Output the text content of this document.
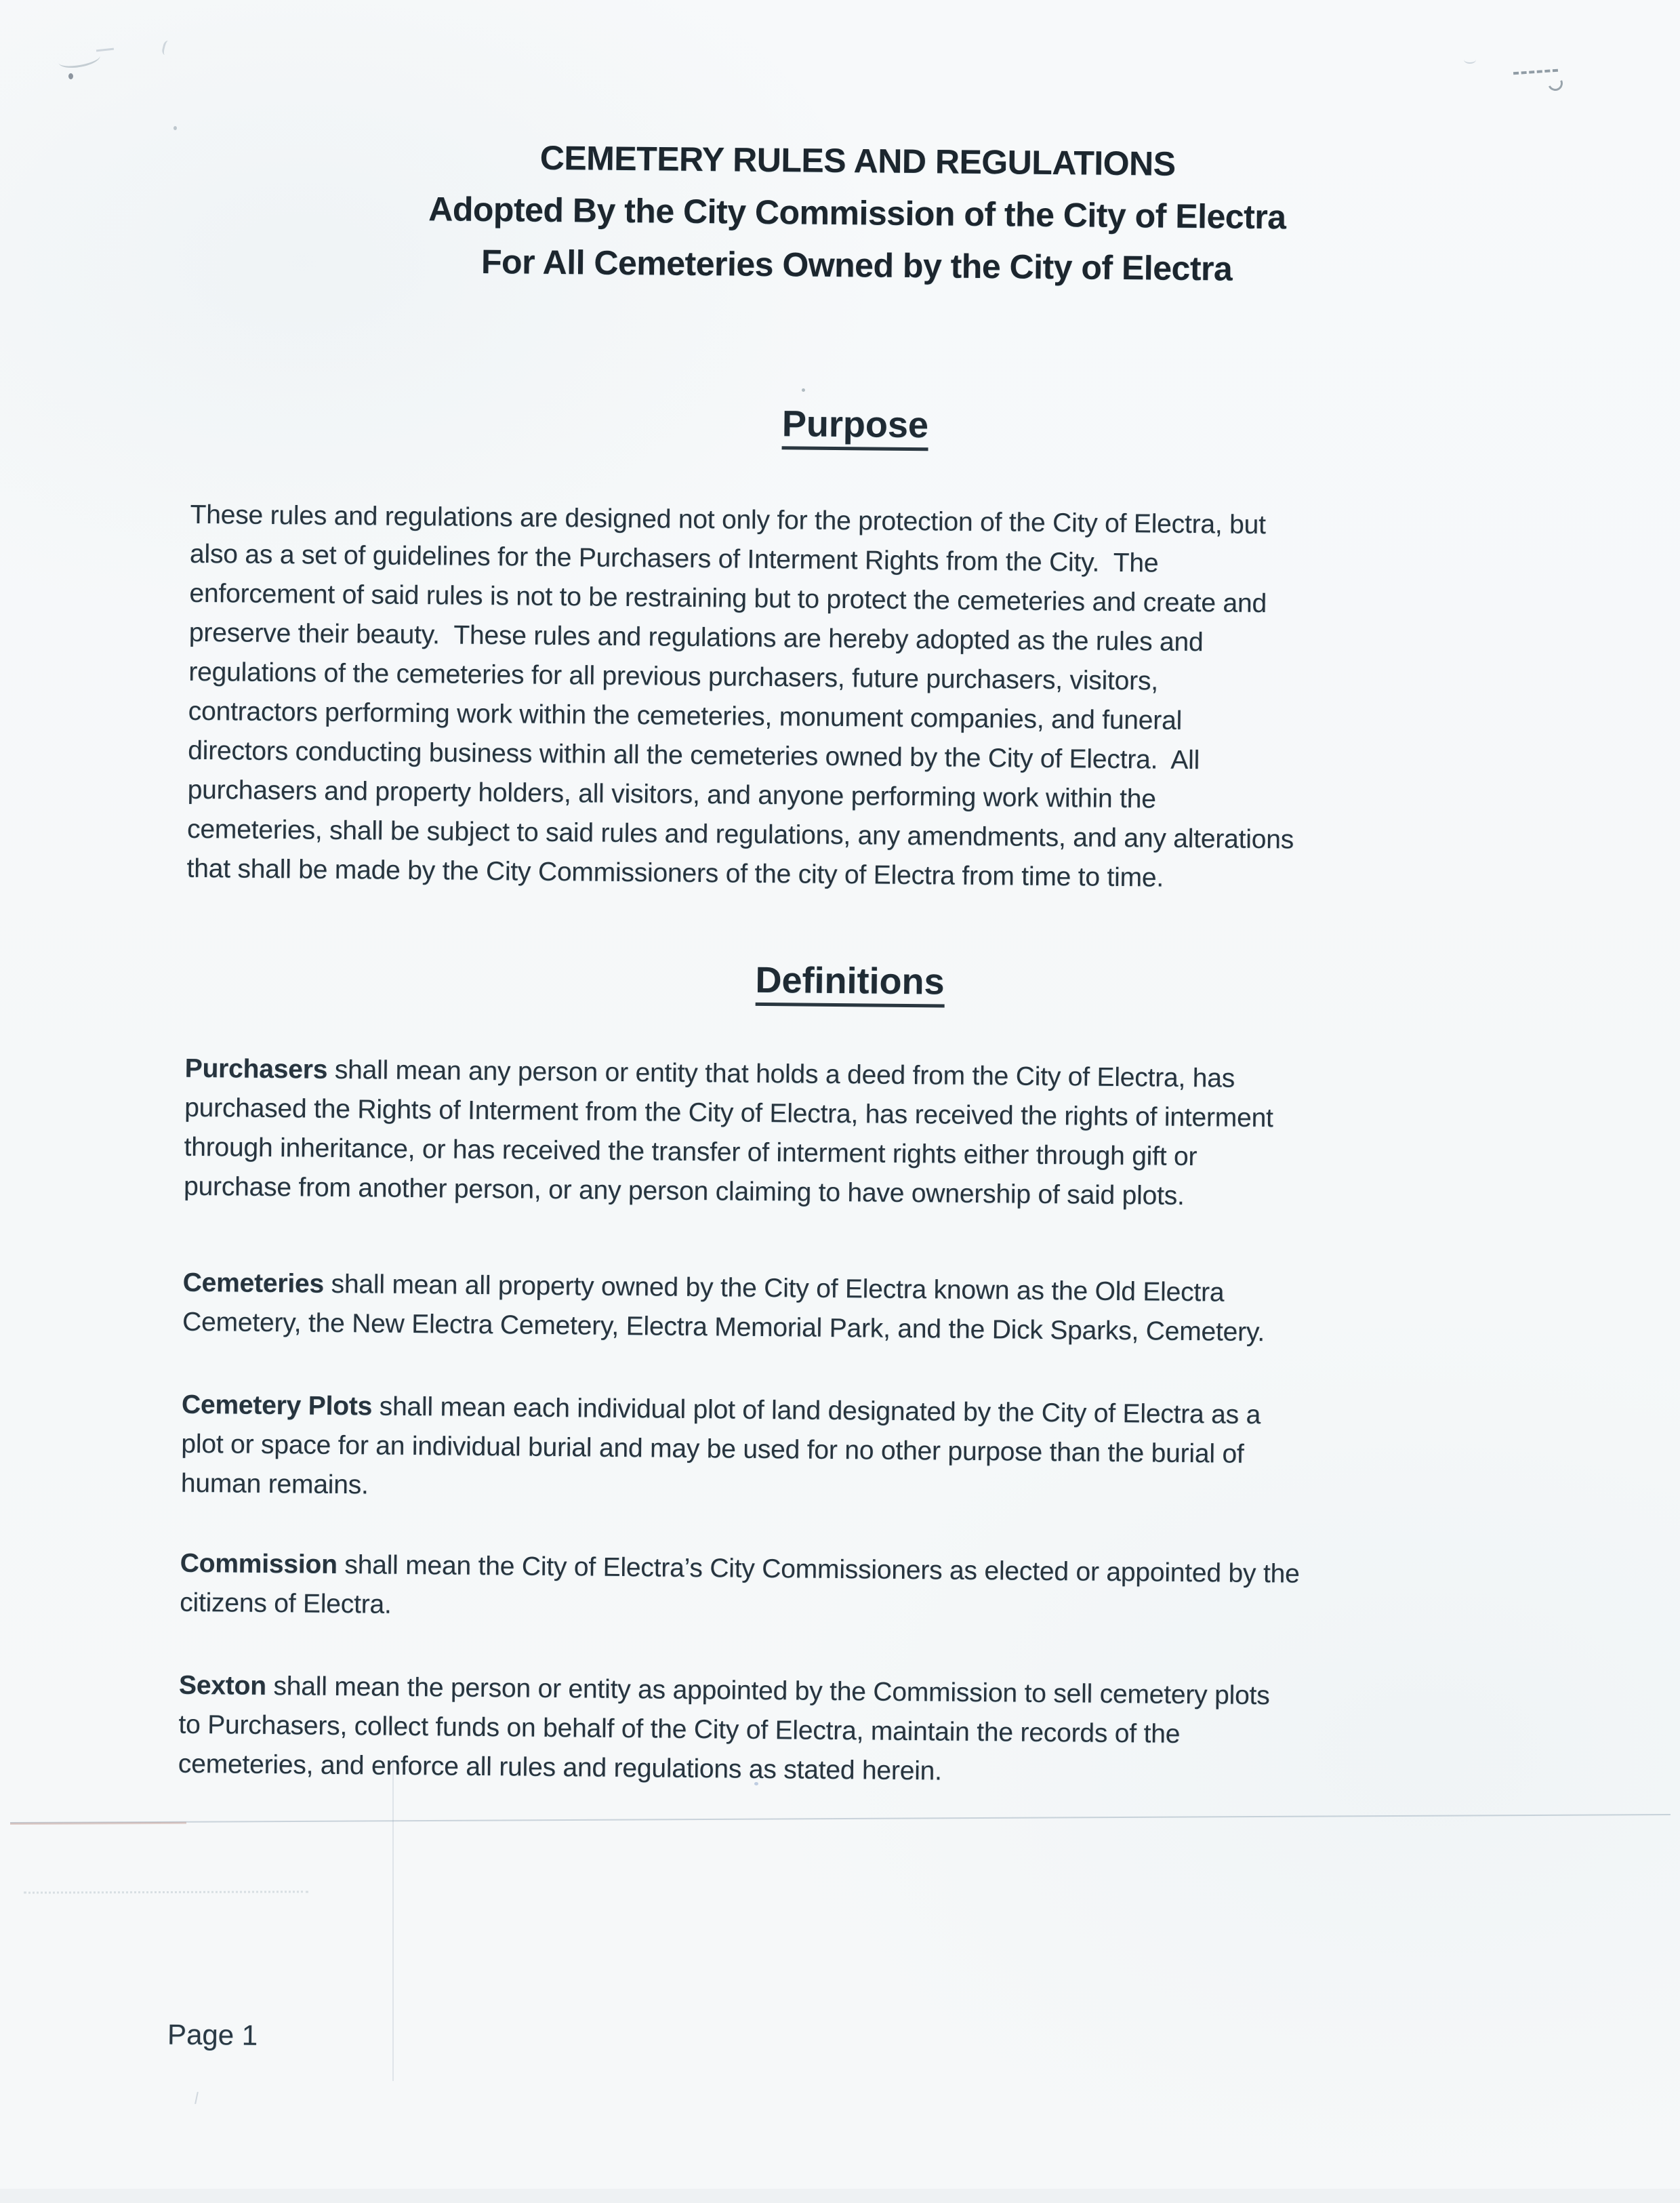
CEMETERY RULES AND REGULATIONS
Adopted By the City Commission of the City of Electra
For All Cemeteries Owned by the City of Electra
Purpose
These rules and regulations are designed not only for the protection of the City of Electra, but
also as a set of guidelines for the Purchasers of Interment Rights from the City.  The
enforcement of said rules is not to be restraining but to protect the cemeteries and create and
preserve their beauty.  These rules and regulations are hereby adopted as the rules and
regulations of the cemeteries for all previous purchasers, future purchasers, visitors,
contractors performing work within the cemeteries, monument companies, and funeral
directors conducting business within all the cemeteries owned by the City of Electra.  All
purchasers and property holders, all visitors, and anyone performing work within the
cemeteries, shall be subject to said rules and regulations, any amendments, and any alterations
that shall be made by the City Commissioners of the city of Electra from time to time.
Definitions
Purchasers shall mean any person or entity that holds a deed from the City of Electra, has
purchased the Rights of Interment from the City of Electra, has received the rights of interment
through inheritance, or has received the transfer of interment rights either through gift or
purchase from another person, or any person claiming to have ownership of said plots.
Cemeteries shall mean all property owned by the City of Electra known as the Old Electra
Cemetery, the New Electra Cemetery, Electra Memorial Park, and the Dick Sparks, Cemetery.
Cemetery Plots shall mean each individual plot of land designated by the City of Electra as a
plot or space for an individual burial and may be used for no other purpose than the burial of
human remains.
Commission shall mean the City of Electra’s City Commissioners as elected or appointed by the
citizens of Electra.
Sexton shall mean the person or entity as appointed by the Commission to sell cemetery plots
to Purchasers, collect funds on behalf of the City of Electra, maintain the records of the
cemeteries, and enforce all rules and regulations as stated herein.
Page 1
